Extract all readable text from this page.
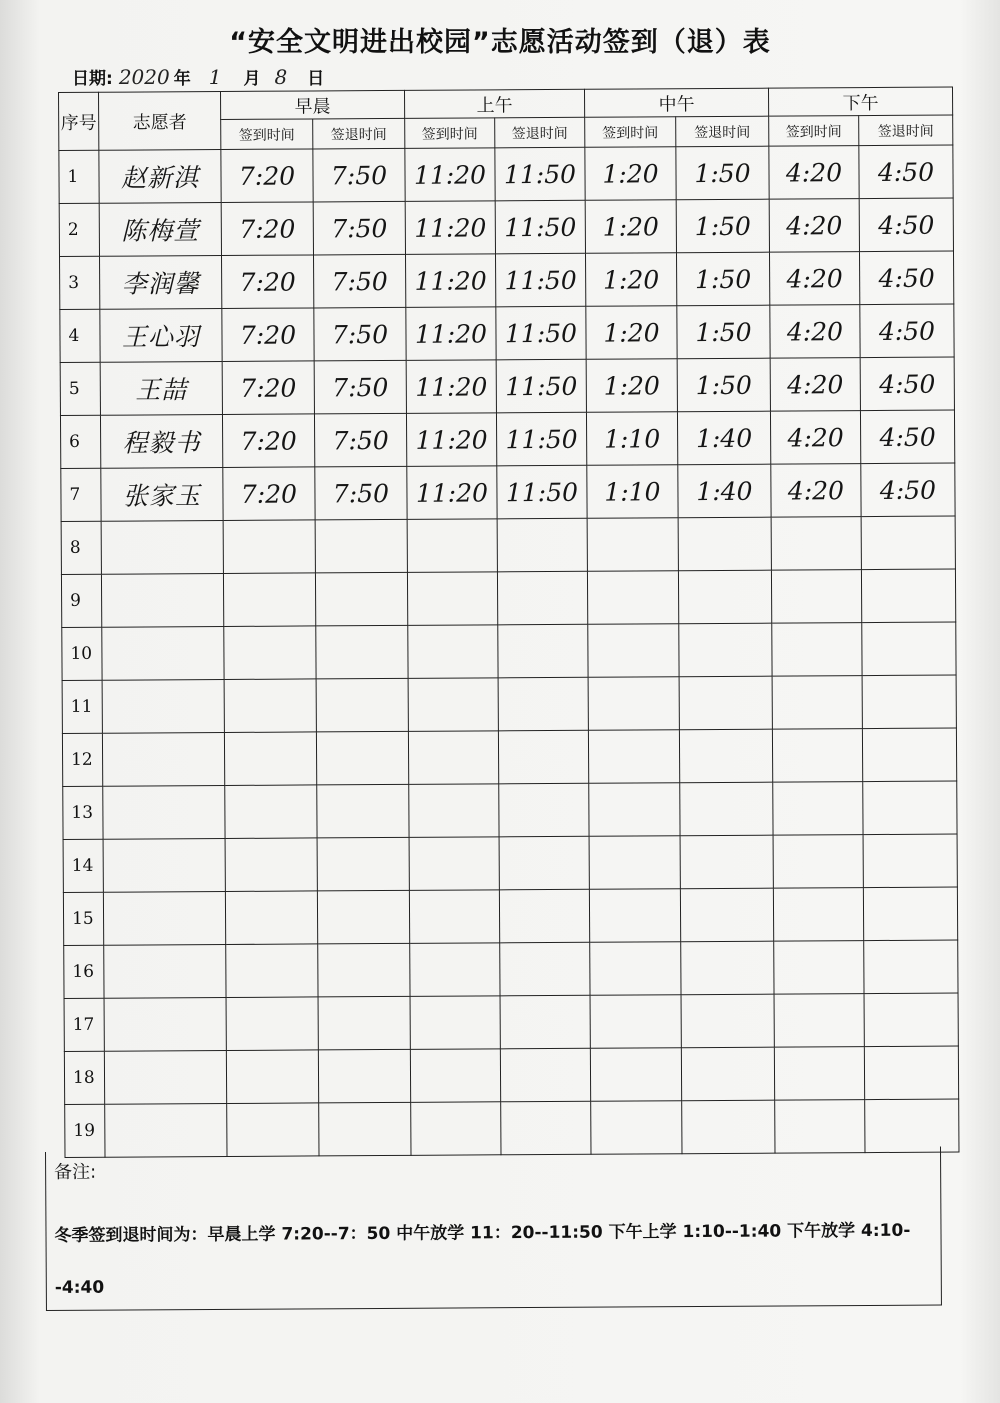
“安全文明进出校园”志愿活动签到（退）表
日期: 2020 年 1 月 8 日
序号	志愿者	早晨		上午		中午		下午	
		签到时间	签退时间	签到时间	签退时间	签到时间	签退时间	签到时间	签退时间
1	赵新淇	7:20	7:50	11:20	11:50	1:20	1:50	4:20	4:50
2	陈梅萱	7:20	7:50	11:20	11:50	1:20	1:50	4:20	4:50
3	李润馨	7:20	7:50	11:20	11:50	1:20	1:50	4:20	4:50
4	王心羽	7:20	7:50	11:20	11:50	1:20	1:50	4:20	4:50
5	王喆	7:20	7:50	11:20	11:50	1:20	1:50	4:20	4:50
6	程毅书	7:20	7:50	11:20	11:50	1:10	1:40	4:20	4:50
7	张家玉	7:20	7:50	11:20	11:50	1:10	1:40	4:20	4:50
8									
9									
10									
11									
12									
13									
14									
15									
16									
17									
18									
19									
备注:
冬季签到退时间为：早晨上学 7:20--7：50 中午放学 11：20--11:50 下午上学 1:10--1:40 下午放学 4:10--4:40
